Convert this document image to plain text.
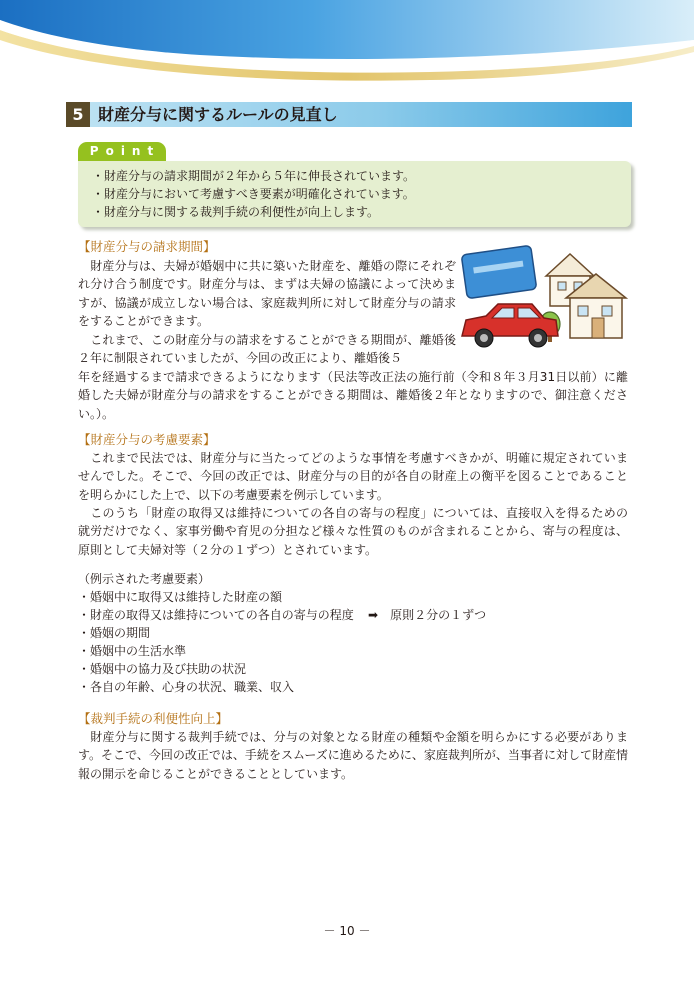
5 財産分与に関するルールの見直し
Point
・財産分与の請求期間が２年から５年に伸長されています。
・財産分与において考慮すべき要素が明確化されています。
・財産分与に関する裁判手続の利便性が向上します。
【財産分与の請求期間】
　財産分与は、夫婦が婚姻中に共に築いた財産を、離婚の際にそれぞれ分け合う制度です。財産分与は、まずは夫婦の協議によって決めますが、協議が成立しない場合は、家庭裁判所に対して財産分与の請求をすることができます。
　これまで、この財産分与の請求をすることができる期間が、離婚後２年に制限されていましたが、今回の改正により、離婚後５
年を経過するまで請求できるようになります（民法等改正法の施行前（令和８年３月31日以前）に離婚した夫婦が財産分与の請求をすることができる期間は、離婚後２年となりますので、御注意ください。）。
【財産分与の考慮要素】
　これまで民法では、財産分与に当たってどのような事情を考慮すべきかが、明確に規定されていませんでした。そこで、今回の改正では、財産分与の目的が各自の財産上の衡平を図ることであることを明らかにした上で、以下の考慮要素を例示しています。
　このうち「財産の取得又は維持についての各自の寄与の程度」については、直接収入を得るための就労だけでなく、家事労働や育児の分担など様々な性質のものが含まれることから、寄与の程度は、原則として夫婦対等（２分の１ずつ）とされています。
（例示された考慮要素）
・婚姻中に取得又は維持した財産の額
・財産の取得又は維持についての各自の寄与の程度 ➡ 原則２分の１ずつ
・婚姻の期間
・婚姻中の生活水準
・婚姻中の協力及び扶助の状況
・各自の年齢、心身の状況、職業、収入
【裁判手続の利便性向上】
　財産分与に関する裁判手続では、分与の対象となる財産の種類や金額を明らかにする必要があります。そこで、今回の改正では、手続をスムーズに進めるために、家庭裁判所が、当事者に対して財産情報の開示を命じることができることとしています。
－ 10 －
